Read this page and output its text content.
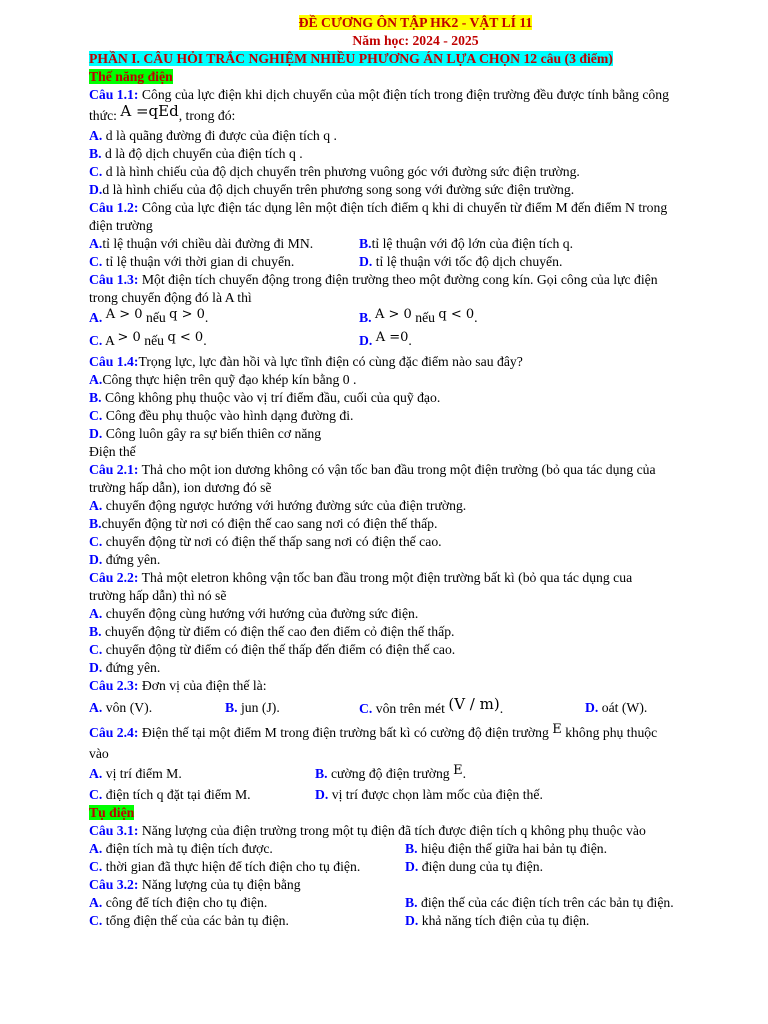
ĐỀ CƯƠNG ÔN TẬP HK2 - VẬT LÍ 11
Năm học: 2024 - 2025
PHẦN I. CÂU HỎI TRẮC NGHIỆM NHIỀU PHƯƠNG ÁN LỰA CHỌN 12 câu (3 điểm)
Thế năng điện
Câu 1.1: Công của lực điện khi dịch chuyển của một điện tích trong điện trường đều được tính bằng công
thức: A =qEd, trong đó:
A. d là quãng đường đi được của điện tích q .
B. d là độ dịch chuyển của điện tích q .
C. d là hình chiếu của độ dịch chuyển trên phương vuông góc với đường sức điện trường.
D.d là hình chiếu của độ dịch chuyển trên phương song song với đường sức điện trường.
Câu 1.2: Công của lực điện tác dụng lên một điện tích điểm q khi di chuyển từ điểm M đến điểm N trong
điện trường
A.tỉ lệ thuận với chiều dài đường đi MN.	B.tỉ lệ thuận với độ lớn của điện tích q.
C. tỉ lệ thuận với thời gian di chuyển.	D. tỉ lệ thuận với tốc độ dịch chuyển.
Câu 1.3: Một điện tích chuyển động trong điện trường theo một đường cong kín. Gọi công của lực điện
trong chuyển động đó là A thì
A. A > 0 nếu q > 0.	B. A > 0 nếu q < 0.
C. A > 0 nếu q < 0.	D. A =0.
Câu 1.4:Trọng lực, lực đàn hồi và lực tĩnh điện có cùng đặc điểm nào sau đây?
A.Công thực hiện trên quỹ đạo khép kín bằng 0 .
B. Công không phụ thuộc vào vị trí điểm đầu, cuối của quỹ đạo.
C. Công đều phụ thuộc vào hình dạng đường đi.
D. Công luôn gây ra sự biến thiên cơ năng
Điện thế
Câu 2.1: Thả cho một ion dương không có vận tốc ban đầu trong một điện trường (bỏ qua tác dụng của
trường hấp dẫn), ion dương đó sẽ
A. chuyển động ngược hướng với hướng đường sức của điện trường.
B.chuyển động từ nơi có điện thế cao sang nơi có điện thế thấp.
C. chuyển động từ nơi có điện thế thấp sang nơi có điện thế cao.
D. đứng yên.
Câu 2.2: Thả một eletron không vận tốc ban đầu trong một điện trường bất kì (bỏ qua tác dụng cua
trường hấp dẫn) thì nó sẽ
A. chuyển động cùng hướng với hướng của đường sức điện.
B. chuyển động từ điểm có điện thế cao đen điểm cỏ điện thế thấp.
C. chuyển động từ điểm có điện thế thấp đến điểm có điện thế cao.
D. đứng yên.
Câu 2.3: Đơn vị của điện thế là:
A. vôn (V).	B. jun (J).	C. vôn trên mét (V / m).	D. oát (W).
Câu 2.4: Điện thế tại một điểm M trong điện trường bất kì có cường độ điện trường E không phụ thuộc
vào
A. vị trí điểm M.	B. cường độ điện trường E.
C. điện tích q đặt tại điểm M.	D. vị trí được chọn làm mốc của điện thế.
Tụ điện
Câu 3.1: Năng lượng của điện trường trong một tụ điện đã tích được điện tích q không phụ thuộc vào
A. điện tích mà tụ điện tích được.	B. hiệu điện thế giữa hai bản tụ điện.
C. thời gian đã thực hiện để tích điện cho tụ điện.	D. điện dung của tụ điện.
Câu 3.2: Năng lượng của tụ điện bằng
A. công để tích điện cho tụ điện.	B. điện thế của các điện tích trên các bản tụ điện.
C. tổng điện thế của các bản tụ điện.	D. khả năng tích điện của tụ điện.
